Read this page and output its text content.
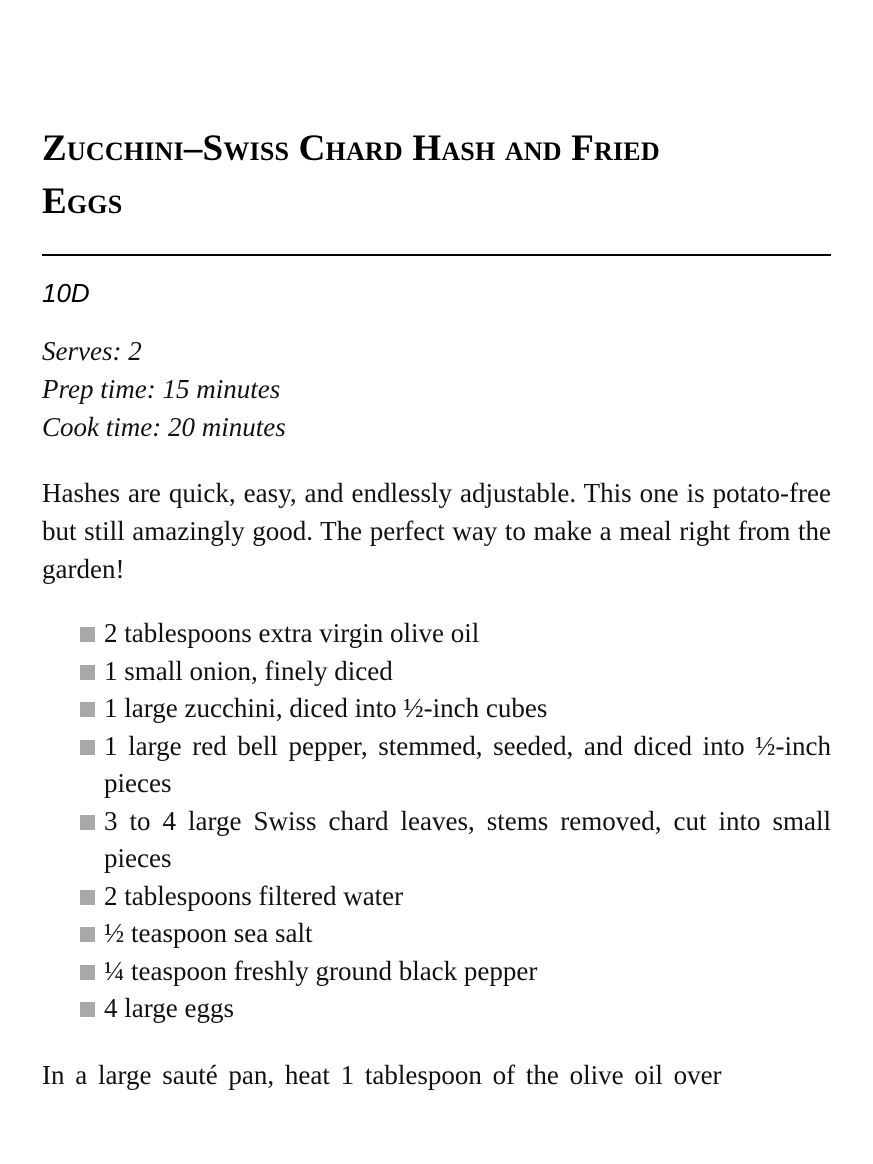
Zucchini–Swiss Chard Hash and Fried
Eggs
10D
Serves: 2
Prep time: 15 minutes
Cook time: 20 minutes

Hashes are quick, easy, and endlessly adjustable. This one is potato-free but still amazingly good. The perfect way to make a meal right from the garden!

2 tablespoons extra virgin olive oil
1 small onion, finely diced
1 large zucchini, diced into ½-inch cubes
1 large red bell pepper, stemmed, seeded, and diced into ½-inch pieces
3 to 4 large Swiss chard leaves, stems removed, cut into small pieces
2 tablespoons filtered water
½ teaspoon sea salt
¼ teaspoon freshly ground black pepper
4 large eggs

In a large sauté pan, heat 1 tablespoon of the olive oil over
